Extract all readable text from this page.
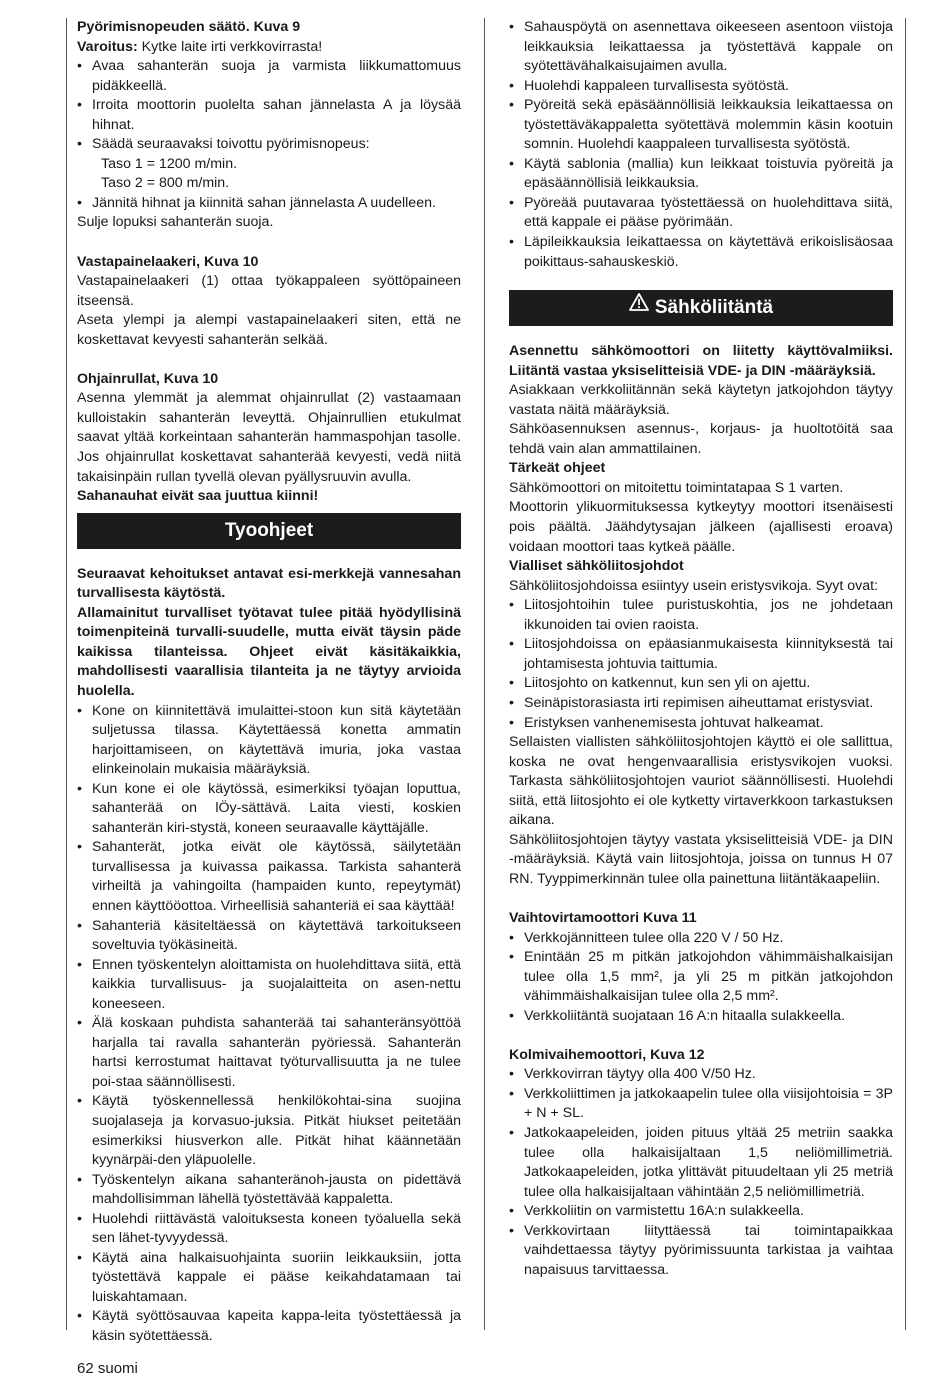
Pyörimisnopeuden säätö. Kuva 9

Varoitus: Kytke laite irti verkkovirrasta!

• Avaa sahanterän suoja ja varmista liikkumattomuus pidäkkeellä.
• Irroita moottorin puolelta sahan jännelasta A ja löysää hihnat.
• Säädä seuraavaksi toivottu pyörimisnopeus:
Taso 1 = 1200 m/min.
Taso 2 = 800 m/min.
• Jännitä hihnat ja kiinnitä sahan jännelasta A uudelleen.

Sulje lopuksi sahanterän suoja.

Vastapainelaakeri, Kuva 10

Vastapainelaakeri (1) ottaa työkappaleen syöttöpaineen itseensä.

Aseta ylempi ja alempi vastapainelaakeri siten, että ne koskettavat kevyesti sahanterän selkää.

Ohjainrullat, Kuva 10

Asenna ylemmät ja alemmat ohjainrullat (2) vastaamaan kulloistakin sahanterän leveyttä. Ohjainrullien etukulmat saavat yltää korkeintaan sahanterän hammaspohjan tasolle. Jos ohjainrullat koskettavat sahanterää kevyesti, vedä niitä takaisinpäin rullan tyvellä olevan pyällysruuvin avulla.

Sahanauhat eivät saa juuttua kiinni!

Tyoohjeet

Seuraavat kehoitukset antavat esi-merkkejä vannesahan turvallisesta käytöstä.

Allamainitut turvalliset työtavat tulee pitää hyödyllisinä toimenpiteinä turvalli-suudelle, mutta eivät täysin päde kaikissa tilanteissa. Ohjeet eivät käsitäkaikkia, mahdollisesti vaarallisia tilanteita ja ne täytyy arvioida huolella.

• Kone on kiinnitettävä imulaittei-stoon kun sitä käytetään suljetussa tilassa. Käytettäessä konetta ammatin harjoittamiseen, on käytettävä imuria, joka vastaa elinkeinolain mukaisia määräyksiä.
• Kun kone ei ole käytössä, esimerkiksi työajan loputtua, sahanterää on lÖy-sättävä. Laita viesti, koskien sahanterän kiri-stystä, koneen seuraavalle käyttäjälle.
• Sahanterät, jotka eivät ole käytössä, säilytetään turvallisessa ja kuivassa paikassa. Tarkista sahanterä virheiltä ja vahingoilta (hampaiden kunto, repeytymät) ennen käyttööottoa. Virheellisiä sahanteriä ei saa käyttää!
• Sahanteriä käsiteltäessä on käytettävä tarkoitukseen soveltuvia työkäsineitä.
• Ennen työskentelyn aloittamista on huolehdittava siitä, että kaikkia turvallisuus- ja suojalaitteita on asen-nettu koneeseen.
• Älä koskaan puhdista sahanterää tai sahanteränsyöttöä harjalla tai ravalla sahanterän pyöriessä. Sahanterän hartsi kerrostumat haittavat työturvallisuutta ja ne tulee poi-staa säännöllisesti.
• Käytä työskennellessä henkilökohtai-sina suojina suojalaseja ja korvasuo-juksia. Pitkät hiukset peitetään esimerkiksi hiusverkon alle. Pitkät hihat käännetään kyynärpäi-den yläpuolelle.
• Työskentelyn aikana sahanteränoh-jausta on pidettävä mahdollisimman lähellä työstettävää kappaletta.
• Huolehdi riittävästä valoituksesta koneen työaluella sekä sen lähet-tyvyydessä.
• Käytä aina halkaisuohjainta suoriin leikkauksiin, jotta työstettävä kappale ei pääse keikahdatamaan tai luiskahtamaan.
• Käytä syöttösauvaa kapeita kappa-leita työstettäessä ja käsin syötettäessä.
• Sahauspöytä on asennettava oikeeseen asentoon viistoja leikkauksia leikattaessa ja työstettävä kappale on syötettävähalkaisujaimen avulla.
• Huolehdi kappaleen turvallisesta syötöstä.
• Pyöreitä sekä epäsäännöllisiä leikkauksia leikattaessa on työstettäväkappaletta syötettävä molemmin käsin kootuin somnin. Huolehdi kaappaleen turvallisesta syötöstä.
• Käytä sablonia (mallia) kun leikkaat toistuvia pyöreitä ja epäsäännöllisiä leikkauksia.
• Pyöreää puutavaraa työstettäessä on huolehdittava siitä, että kappale ei pääse pyörimään.
• Läpileikkauksia leikattaessa on käytettävä erikoislisäosaa poikittaus-sahauskeskiö.
Sähköliitäntä

Asennettu sähkömoottori on liitetty käyttövalmiiksi. Liitäntä vastaa yksiselitteisiä VDE- ja DIN -määräyksiä.

Asiakkaan verkkoliitännän sekä käytetyn jatkojohdon täytyy vastata näitä määräyksiä.

Sähköasennuksen asennus-, korjaus- ja huoltotöitä saa tehdä vain alan ammattilainen.

Tärkeät ohjeet

Sähkömoottori on mitoitettu toimintatapaa S 1 varten.

Moottorin ylikuormituksessa kytkeytyy moottori itsenäisesti pois päältä. Jäähdytysajan jälkeen (ajallisesti eroava) voidaan moottori taas kytkeä päälle.

Vialliset sähköliitosjohdot

Sähköliitosjohdoissa esiintyy usein eristysvikoja. Syyt ovat:

• Liitosjohtoihin tulee puristuskohtia, jos ne johdetaan ikkunoiden tai ovien raoista.
• Liitosjohdoissa on epäasianmukaisesta kiinnityksestä tai johtamisesta johtuvia taittumia.
• Liitosjohto on katkennut, kun sen yli on ajettu.
• Seinäpistorasiasta irti repimisen aiheuttamat eristysviat.
• Eristyksen vanhenemisesta johtuvat halkeamat.

Sellaisten viallisten sähköliitosjohtojen käyttö ei ole sallittua, koska ne ovat hengenvaarallisia eristysvikojen vuoksi. Tarkasta sähköliitosjohtojen vauriot säännöllisesti. Huolehdi siitä, että liitosjohto ei ole kytketty virtaverkkoon tarkastuksen aikana.

Sähköliitosjohtojen täytyy vastata yksiselitteisiä VDE- ja DIN -määräyksiä. Käytä vain liitosjohtoja, joissa on tunnus H 07 RN. Tyyppimerkinnän tulee olla painettuna liitäntäkaapeliin.

Vaihtovirtamoottori Kuva 11
• Verkkojännitteen tulee olla 220 V / 50 Hz.
• Enintään 25 m pitkän jatkojohdon vähimmäishalkaisijan tulee olla 1,5 mm², ja yli 25 m pitkän jatkojohdon vähimmäishalkaisijan tulee olla 2,5 mm².
• Verkkoliitäntä suojataan 16 A:n hitaalla sulakkeella.
Kolmivaihemoottori, Kuva 12
• Verkkovirran täytyy olla 400 V/50 Hz.
• Verkkoliittimen ja jatkokaapelin tulee olla viisijohtoisia = 3P + N + SL.
• Jatkokaapeleiden, joiden pituus yltää 25 metriin saakka tulee olla halkaisijaltaan 1,5 neliömillimetriä. Jatkokaapeleiden, jotka ylittävät pituudeltaan yli 25 metriä tulee olla halkaisijaltaan vähintään 2,5 neliömillimetriä.
• Verkkoliitin on varmistettu 16A:n sulakkeella.
• Verkkovirtaan liityttäessä tai toimintapaikkaa vaihdettaessa täytyy pyörimissuunta tarkistaa ja vaihtaa napaisuus tarvittaessa.
62 suomi
